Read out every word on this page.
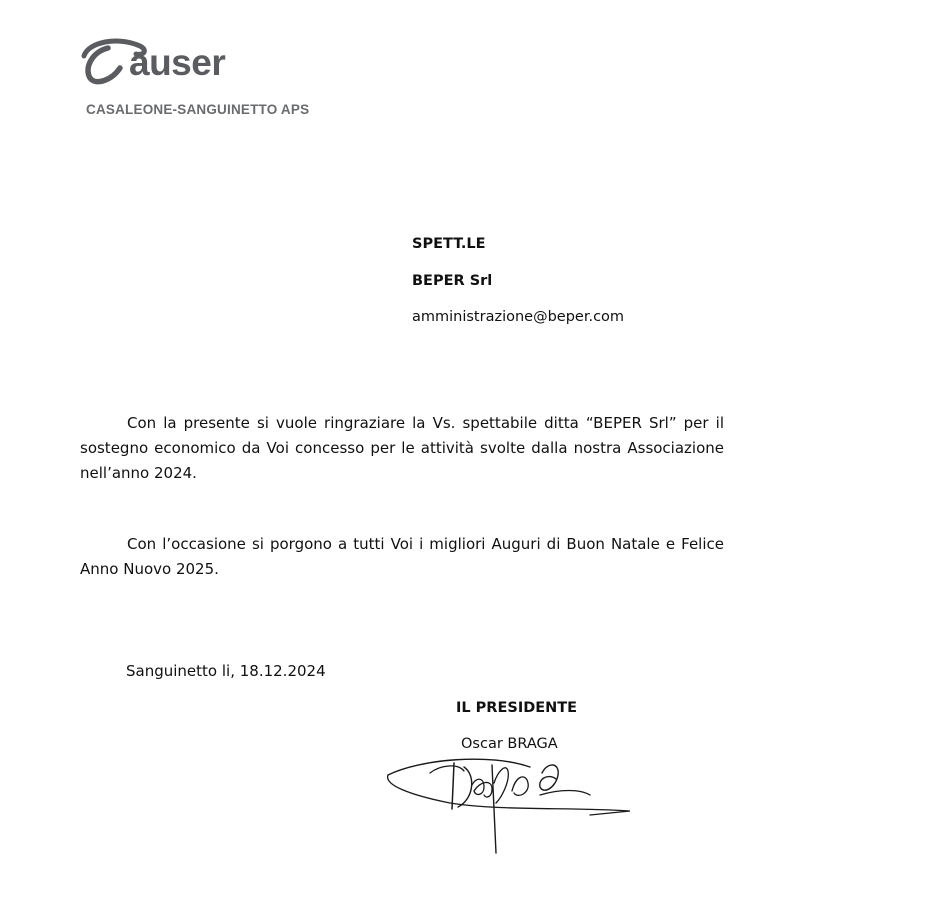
auser
CASALEONE-SANGUINETTO APS
SPETT.LE
BEPER Srl
amministrazione@beper.com
Con la presente si vuole ringraziare la Vs. spettabile ditta “BEPER Srl” per il sostegno economico da Voi concesso per le attività svolte dalla nostra Associazione nell’anno 2024.
Con l’occasione si porgono a tutti Voi i migliori Auguri di Buon Natale e Felice Anno Nuovo 2025.
Sanguinetto li, 18.12.2024
IL PRESIDENTE
Oscar BRAGA
